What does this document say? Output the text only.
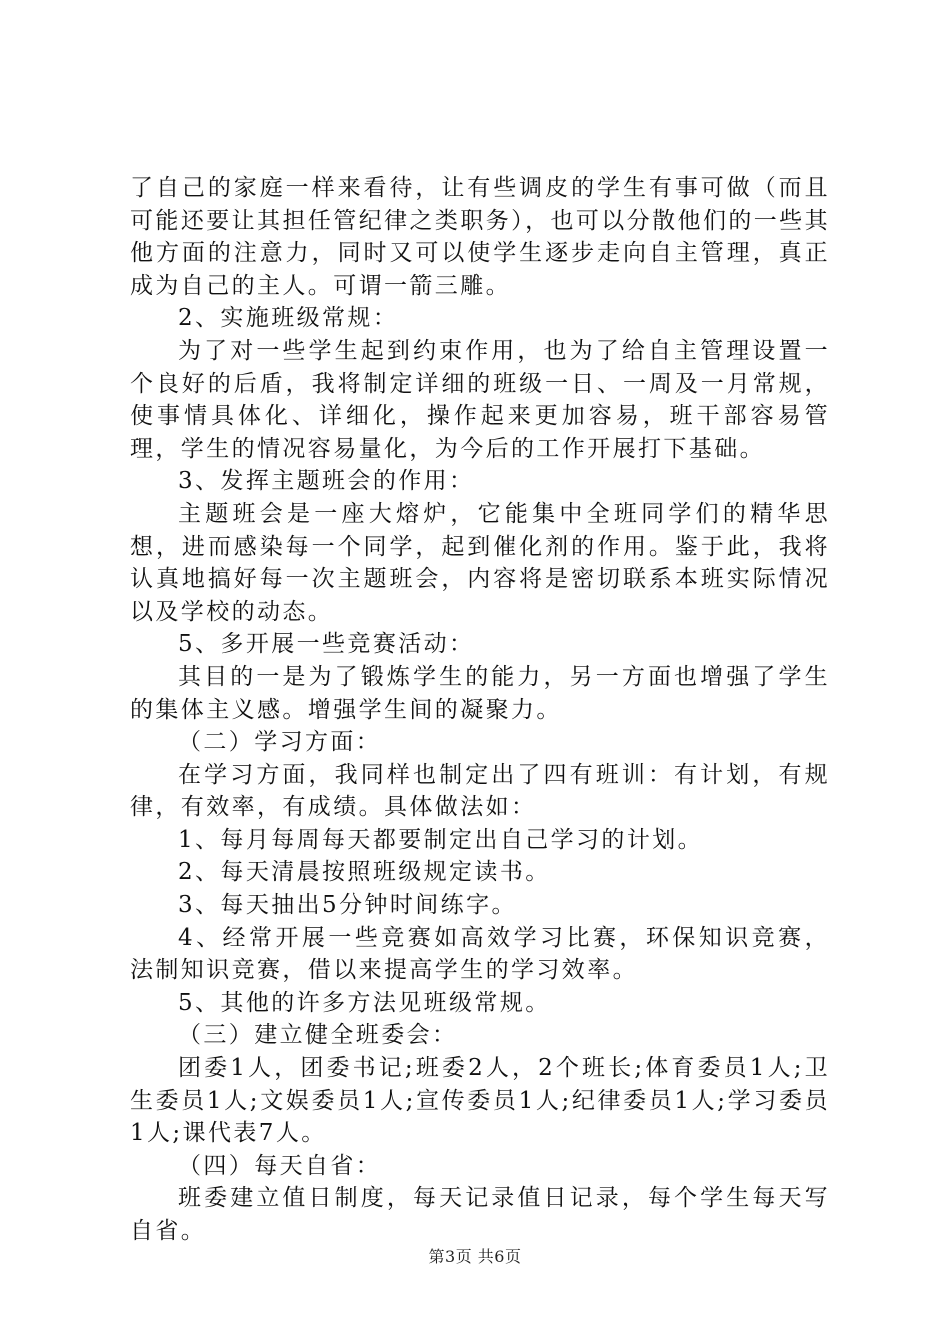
了自己的家庭一样来看待，让有些调皮的学生有事可做（而且可能还要让其担任管纪律之类职务），也可以分散他们的一些其他方面的注意力，同时又可以使学生逐步走向自主管理，真正成为自己的主人。可谓一箭三雕。

2、实施班级常规：

为了对一些学生起到约束作用，也为了给自主管理设置一个良好的后盾，我将制定详细的班级一日、一周及一月常规，使事情具体化、详细化，操作起来更加容易，班干部容易管理，学生的情况容易量化，为今后的工作开展打下基础。

3、发挥主题班会的作用：

主题班会是一座大熔炉，它能集中全班同学们的精华思想，进而感染每一个同学，起到催化剂的作用。鉴于此，我将认真地搞好每一次主题班会，内容将是密切联系本班实际情况以及学校的动态。

5、多开展一些竞赛活动：

其目的一是为了锻炼学生的能力，另一方面也增强了学生的集体主义感。增强学生间的凝聚力。

（二）学习方面：

在学习方面，我同样也制定出了四有班训：有计划，有规律，有效率，有成绩。具体做法如：

1、每月每周每天都要制定出自己学习的计划。

2、每天清晨按照班级规定读书。

3、每天抽出5分钟时间练字。

4、经常开展一些竞赛如高效学习比赛，环保知识竞赛，法制知识竞赛，借以来提高学生的学习效率。

5、其他的许多方法见班级常规。

（三）建立健全班委会：

团委1人，团委书记;班委2人，2个班长;体育委员1人;卫生委员1人;文娱委员1人;宣传委员1人;纪律委员1人;学习委员1人;课代表7人。

（四）每天自省：

班委建立值日制度，每天记录值日记录，每个学生每天写自省。

第3页 共6页
